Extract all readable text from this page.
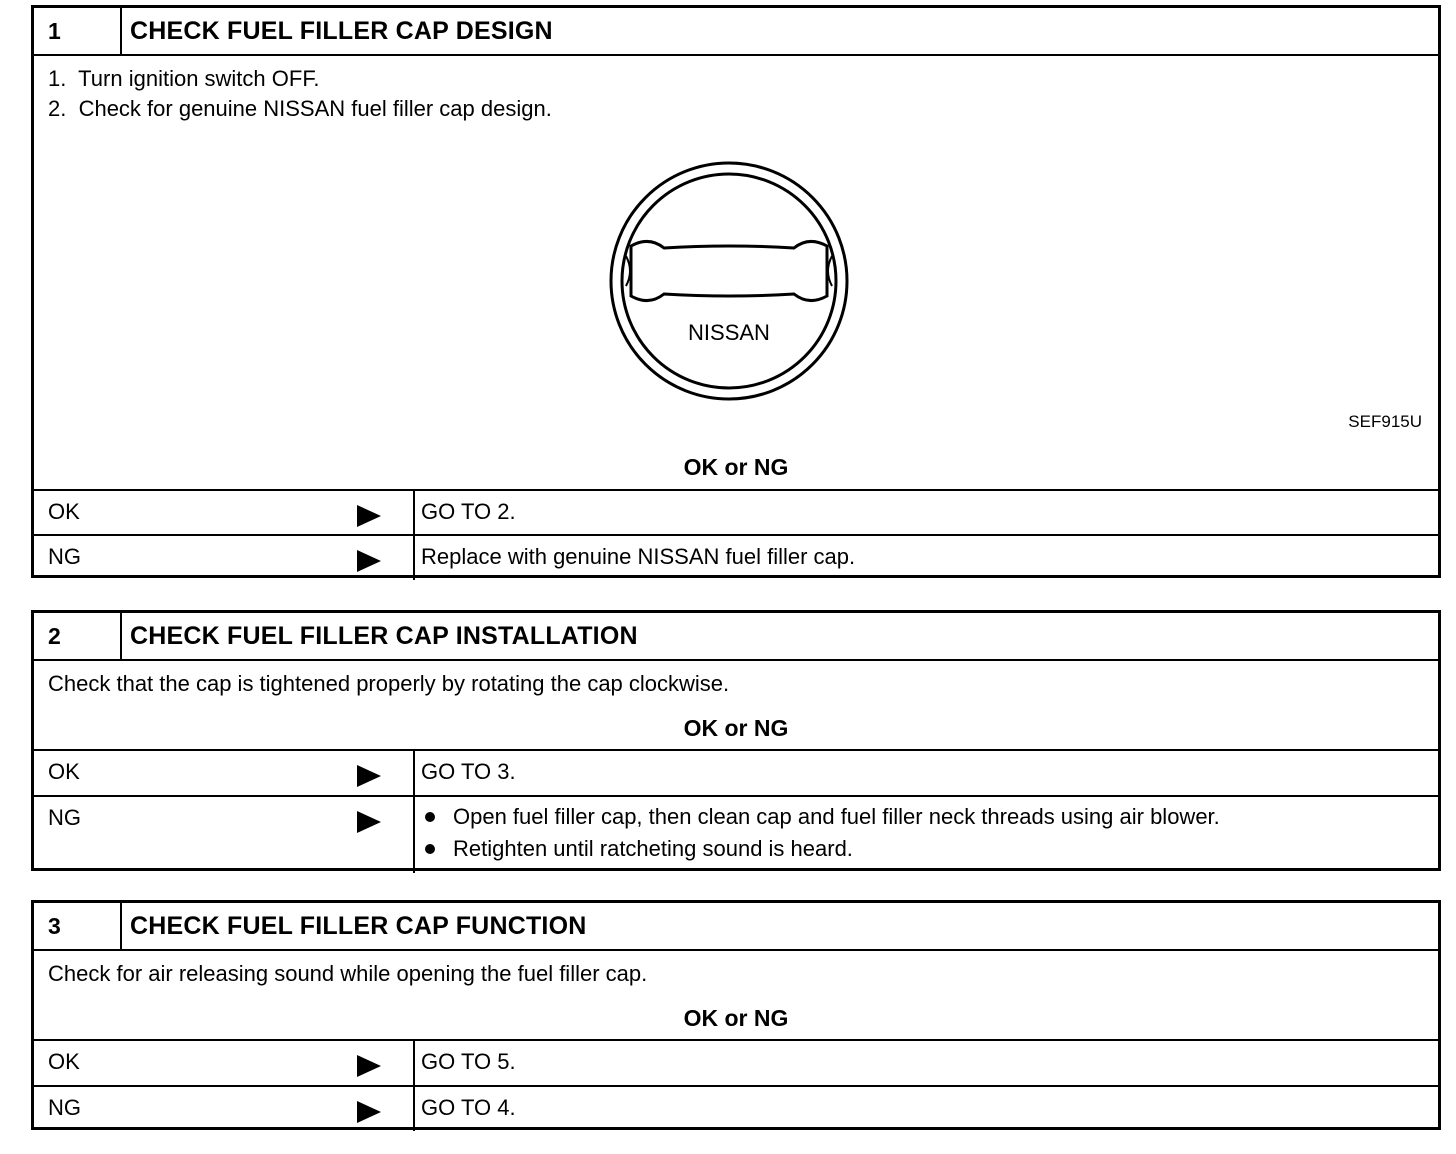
1	CHECK FUEL FILLER CAP DESIGN
1.  Turn ignition switch OFF.
2.  Check for genuine NISSAN fuel filler cap design.
NISSAN
SEF915U
OK or NG
OK	GO TO 2.
NG	Replace with genuine NISSAN fuel filler cap.
2	CHECK FUEL FILLER CAP INSTALLATION
Check that the cap is tightened properly by rotating the cap clockwise.
OK or NG
OK	GO TO 3.
NG	Open fuel filler cap, then clean cap and fuel filler neck threads using air blower.
Retighten until ratcheting sound is heard.
3	CHECK FUEL FILLER CAP FUNCTION
Check for air releasing sound while opening the fuel filler cap.
OK or NG
OK	GO TO 5.
NG	GO TO 4.
